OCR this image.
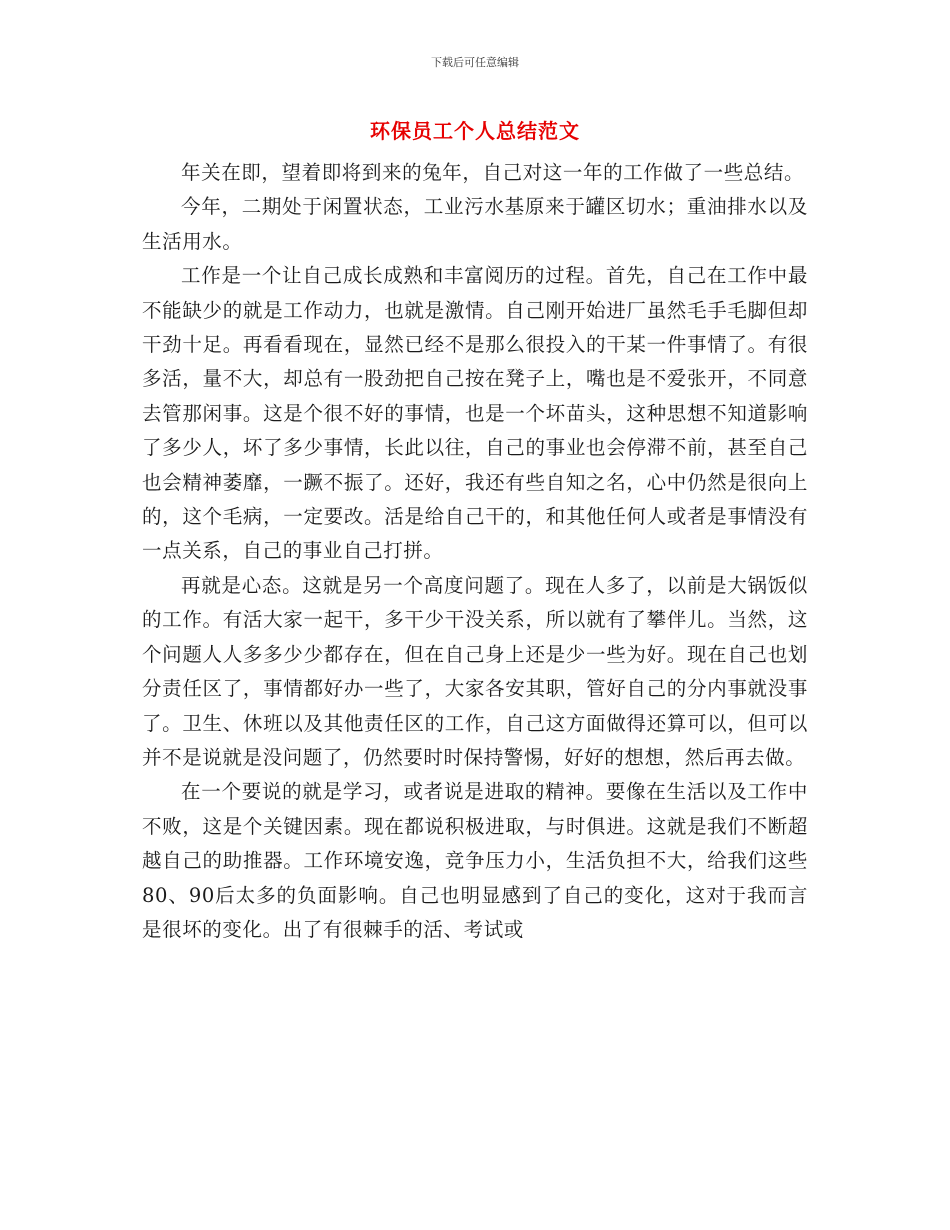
下载后可任意编辑
环保员工个人总结范文

年关在即，望着即将到来的兔年，自己对这一年的工作做了一些总结。

今年，二期处于闲置状态，工业污水基原来于罐区切水；重油排水以及生活用水。

工作是一个让自己成长成熟和丰富阅历的过程。首先，自己在工作中最不能缺少的就是工作动力，也就是激情。自己刚开始进厂虽然毛手毛脚但却干劲十足。再看看现在，显然已经不是那么很投入的干某一件事情了。有很多活，量不大，却总有一股劲把自己按在凳子上，嘴也是不爱张开，不同意去管那闲事。这是个很不好的事情，也是一个坏苗头，这种思想不知道影响了多少人，坏了多少事情，长此以往，自己的事业也会停滞不前，甚至自己也会精神萎靡，一蹶不振了。还好，我还有些自知之名，心中仍然是很向上的，这个毛病，一定要改。活是给自己干的，和其他任何人或者是事情没有一点关系，自己的事业自己打拼。

再就是心态。这就是另一个高度问题了。现在人多了，以前是大锅饭似的工作。有活大家一起干，多干少干没关系，所以就有了攀伴儿。当然，这个问题人人多多少少都存在，但在自己身上还是少一些为好。现在自己也划分责任区了，事情都好办一些了，大家各安其职，管好自己的分内事就没事了。卫生、休班以及其他责任区的工作，自己这方面做得还算可以，但可以并不是说就是没问题了，仍然要时时保持警惕，好好的想想，然后再去做。

在一个要说的就是学习，或者说是进取的精神。要像在生活以及工作中不败，这是个关键因素。现在都说积极进取，与时俱进。这就是我们不断超越自己的助推器。工作环境安逸，竞争压力小，生活负担不大，给我们这些80、90后太多的负面影响。自己也明显感到了自己的变化，这对于我而言是很坏的变化。出了有很棘手的活、考试或
